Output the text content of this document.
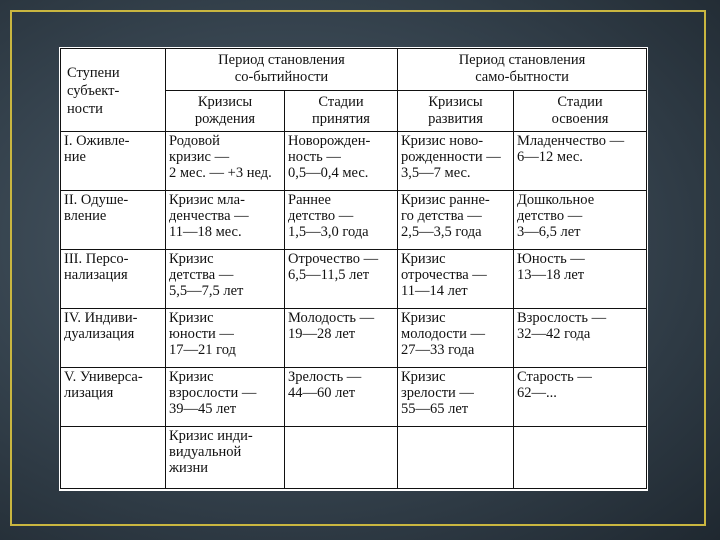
Ступени
субъект-
ности	Период становления
со-бытийности		Период становления
само-бытности	

	Кризисы
рождения	Стадии
принятия	Кризисы
развития	Стадии
освоения

I. Оживле-
ние	Родовой
кризис —
2 мес. — +3 нед.	Новорожден-
ность —
0,5—0,4 мес.	Кризис ново-
рожденности —
3,5—7 мес.	Младенчество —
6—12 мес.

II. Одуше-
вление	Кризис мла-
денчества —
11—18 мес.	Раннее
детство —
1,5—3,0 года	Кризис ранне-
го детства —
2,5—3,5 года	Дошкольное
детство —
3—6,5 лет

III. Персо-
нализация	Кризис
детства —
5,5—7,5 лет	Отрочество —
6,5—11,5 лет	Кризис
отрочества —
11—14 лет	Юность —
13—18 лет

IV. Индиви-
дуализация	Кризис
юности —
17—21 год	Молодость —
19—28 лет	Кризис
молодости —
27—33 года	Взрослость —
32—42 года

V. Универса-
лизация	Кризис
взрослости —
39—45 лет	Зрелость —
44—60 лет	Кризис
зрелости —
55—65 лет	Старость —
62—...

	Кризис инди-
видуальной
жизни			
